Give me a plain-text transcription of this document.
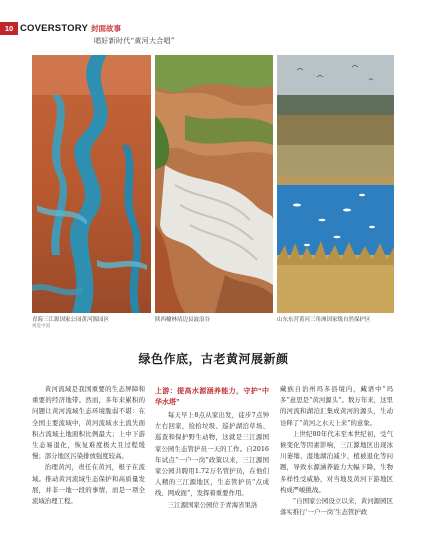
10 COVERSTORY 封面故事
唱好新时代“黄河大合唱”
青海三江源国家公园黄河源园区	陕西榆林靖边县波浪谷	山东东营黄河三角洲国家级自然保护区
视觉中国
绿色作底，古老黄河展新颜

黄河流域是我国重要的生态屏障和重要的经济地带。然而，多年来累积的问题让黄河流域生态环境脆弱不堪：在全国主要流域中，黄河流域水土流失面积占流域土地面积比例最大；上中下游生态易退化，恢复难度极大且过程缓慢；部分地区污染排放强度较高。

治理黄河，责任在黄河，根子在流域。推动黄河流域生态保护和高质量发展，并非一地一段的事情，而是一项全流域治理工程。

上游：提高水源涵养能力，守护“中华水塔”

每天早上8点从家出发，徒步7点钟左右回家，捡拾垃圾、巡护湖泊草场、巡查和保护野生动物，这就是三江源国家公园生态管护员一天的工作。自2016年试点“一户一岗”政策以来，三江源国家公园共聘用1.72万名管护员，在他们人精的三江源地区，生态管护员“点成线、网成面”，发挥着重要作用。

三江源国家公园位于青海省果洛

藏族自治州玛多县境内，藏语中“玛多”意思是“黄河源头”。数万年来，这里的河流和湖泊汇集成黄河的源头，生动诠释了“黄河之水天上来”的意象。

上世纪80年代末至本世纪初，受气候变化等因素影响，三江源地区出现冰川萎缩、湿地湖泊减少、植被退化等问题，导致水源涵养能力大幅下降，生物多样性受威胁，对当地及黄河下游地区构成严峻挑战。

“自国家公园设立以来，黄河源园区落实推行‘一户一岗’生态管护政
